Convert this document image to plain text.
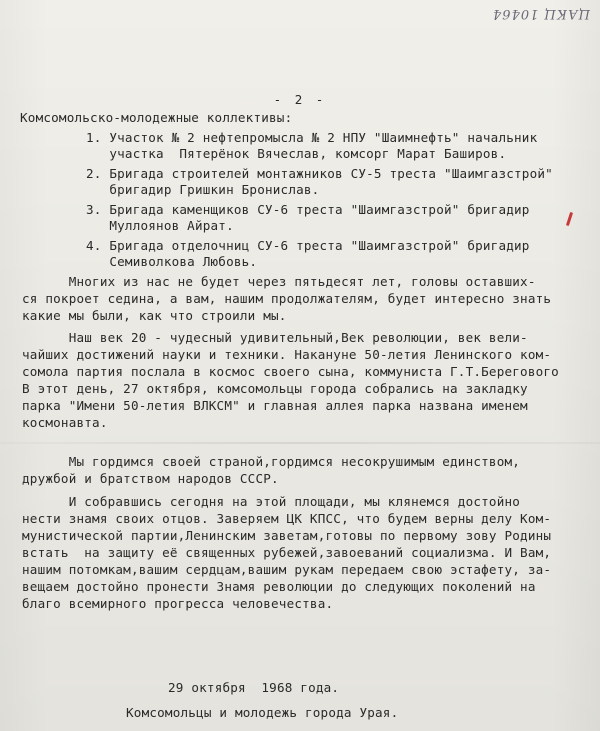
ЦАКЦ 10464
- 2 -
Комсомольско-молодежные коллективы:
1. Участок № 2 нефтепромысла № 2 НПУ "Шаимнефть" начальник
участка  Пятерёнок Вячеслав, комсорг Марат Баширов.
2. Бригада строителей монтажников СУ-5 треста "Шаимгазстрой"
бригадир Гришкин Бронислав.
3. Бригада каменщиков СУ-6 треста "Шаимгазстрой" бригадир
Муллоянов Айрат.
4. Бригада отделочниц СУ-6 треста "Шаимгазстрой" бригадир
Семиволкова Любовь.
Многих из нас не будет через пятьдесят лет, головы оставших-
ся покроет седина, а вам, нашим продолжателям, будет интересно знать
какие мы были, как что строили мы.
Наш век 20 - чудесный удивительный,Век революции, век вели-
чайших достижений науки и техники. Накануне 50-летия Ленинского ком-
сомола партия послала в космос своего сына, коммуниста Г.Т.Берегового
В этот день, 27 октября, комсомольцы города собрались на закладку
парка "Имени 50-летия ВЛКСМ" и главная аллея парка названа именем
космонавта.
Мы гордимся своей страной,гордимся несокрушимым единством,
дружбой и братством народов СССР.
И собравшись сегодня на этой площади, мы клянемся достойно
нести знамя своих отцов. Заверяем ЦК КПСС, что будем верны делу Ком-
мунистической партии,Ленинским заветам,готовы по первому зову Родины
встать  на защиту её священных рубежей,завоеваний социализма. И Вам,
нашим потомкам,вашим сердцам,вашим рукам передаем свою эстафету, за-
вещаем достойно пронести Знамя революции до следующих поколений на
благо всемирного прогресса человечества.
29 октября  1968 года.
Комсомольцы и молодежь города Урая.
